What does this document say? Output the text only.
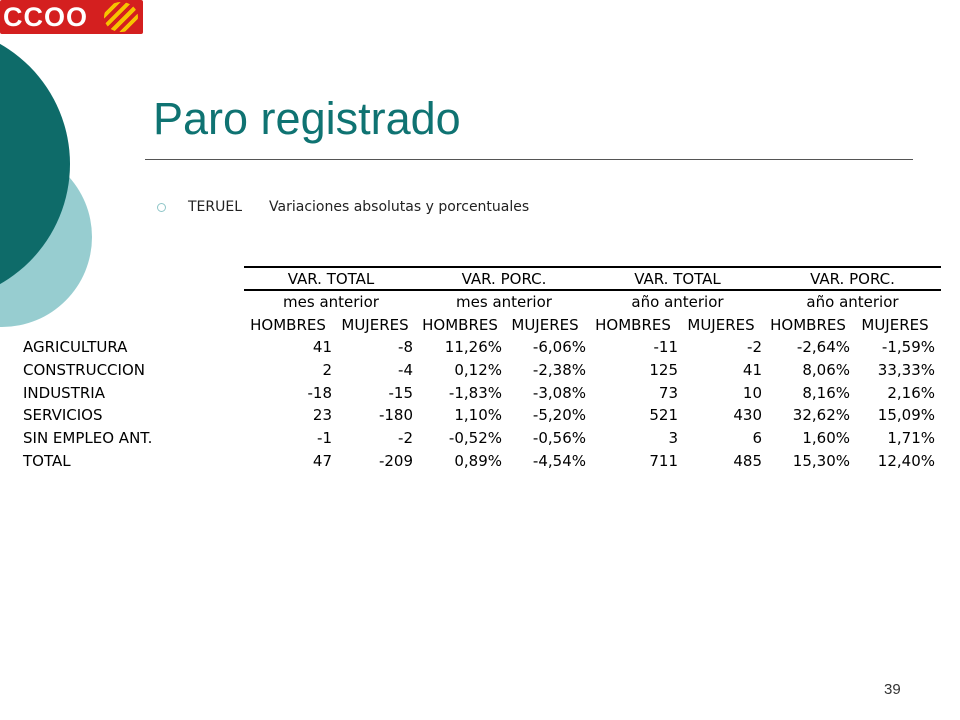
CCOO
Paro registrado
TERUEL Variaciones absolutas y porcentuales
VAR. TOTAL
mes anterior
VAR. PORC.
mes anterior
VAR. TOTAL
año anterior
VAR. PORC.
año anterior
HOMBRES	MUJERES HOMBRES MUJERES	HOMBRES	MUJERES	HOMBRES	MUJERES
AGRICULTURA	41	-8	11,26%	-6,06%	-11	-2	-2,64%	-1,59%
CONSTRUCCION	2	-4	0,12%	-2,38%	125	41	8,06%	33,33%
INDUSTRIA	-18	-15	-1,83%	-3,08%	73	10	8,16%	2,16%
SERVICIOS	23	-180	1,10%	-5,20%	521	430	32,62%	15,09%
SIN EMPLEO ANT.	-1	-2	-0,52%	-0,56%	3	6	1,60%	1,71%
TOTAL	47	-209	0,89%	-4,54%	711	485	15,30%	12,40%
39
